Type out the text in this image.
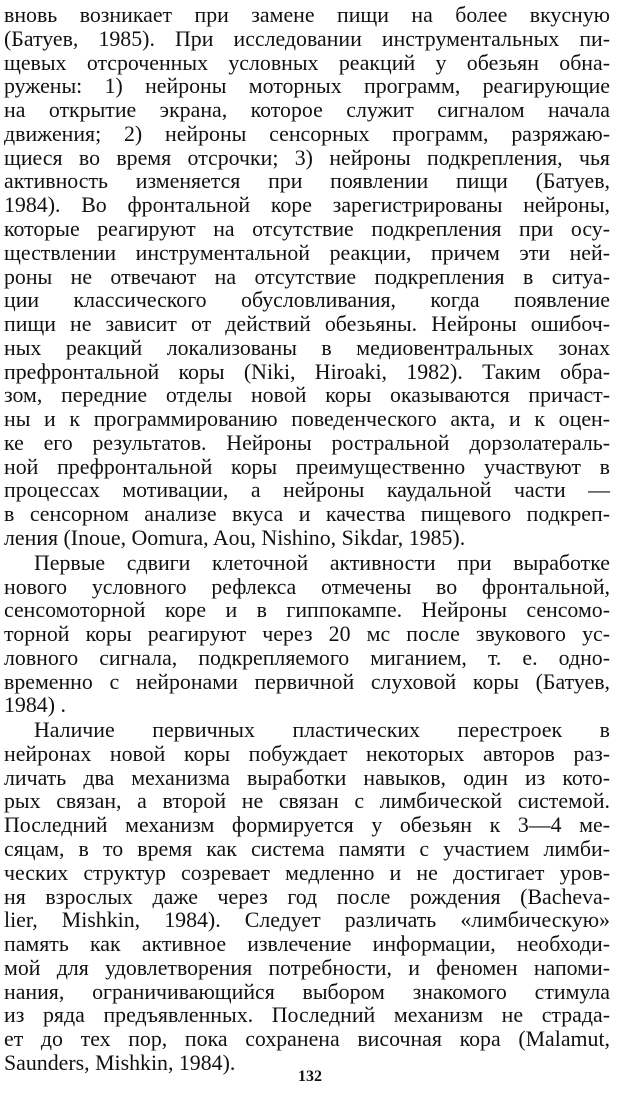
вновь возникает при замене пищи на более вкусную
(Батуев, 1985). При исследовании инструментальных пи-
щевых отсроченных условных реакций у обезьян обна-
ружены: 1) нейроны моторных программ, реагирующие
на открытие экрана, которое служит сигналом начала
движения; 2) нейроны сенсорных программ, разряжаю-
щиеся во время отсрочки; 3) нейроны подкрепления, чья
активность изменяется при появлении пищи (Батуев,
1984). Во фронтальной коре зарегистрированы нейроны,
которые реагируют на отсутствие подкрепления при осу-
ществлении инструментальной реакции, причем эти ней-
роны не отвечают на отсутствие подкрепления в ситуа-
ции классического обусловливания, когда появление
пищи не зависит от действий обезьяны. Нейроны ошибоч-
ных реакций локализованы в медиовентральных зонах
префронтальной коры (Niki, Hiroaki, 1982). Таким обра-
зом, передние отделы новой коры оказываются причаст-
ны и к программированию поведенческого акта, и к оцен-
ке его результатов. Нейроны ростральной дорзолатераль-
ной префронтальной коры преимущественно участвуют в
процессах мотивации, а нейроны каудальной части —
в сенсорном анализе вкуса и качества пищевого подкреп-
ления (Inoue, Oomura, Aou, Nishino, Sikdar, 1985).
Первые сдвиги клеточной активности при выработке
нового условного рефлекса отмечены во фронтальной,
сенсомоторной коре и в гиппокампе. Нейроны сенсомо-
торной коры реагируют через 20 мс после звукового ус-
ловного сигнала, подкрепляемого миганием, т. е. одно-
временно с нейронами первичной слуховой коры (Батуев,
1984) .
Наличие первичных пластических перестроек в
нейронах новой коры побуждает некоторых авторов раз-
личать два механизма выработки навыков, один из кото-
рых связан, а второй не связан с лимбической системой.
Последний механизм формируется у обезьян к 3—4 ме-
сяцам, в то время как система памяти с участием лимби-
ческих структур созревает медленно и не достигает уров-
ня взрослых даже через год после рождения (Bacheva-
lier, Mishkin, 1984). Следует различать «лимбическую»
память как активное извлечение информации, необходи-
мой для удовлетворения потребности, и феномен напоми-
нания, ограничивающийся выбором знакомого стимула
из ряда предъявленных. Последний механизм не страда-
ет до тех пор, пока сохранена височная кора (Malamut,
Saunders, Mishkin, 1984).
132
